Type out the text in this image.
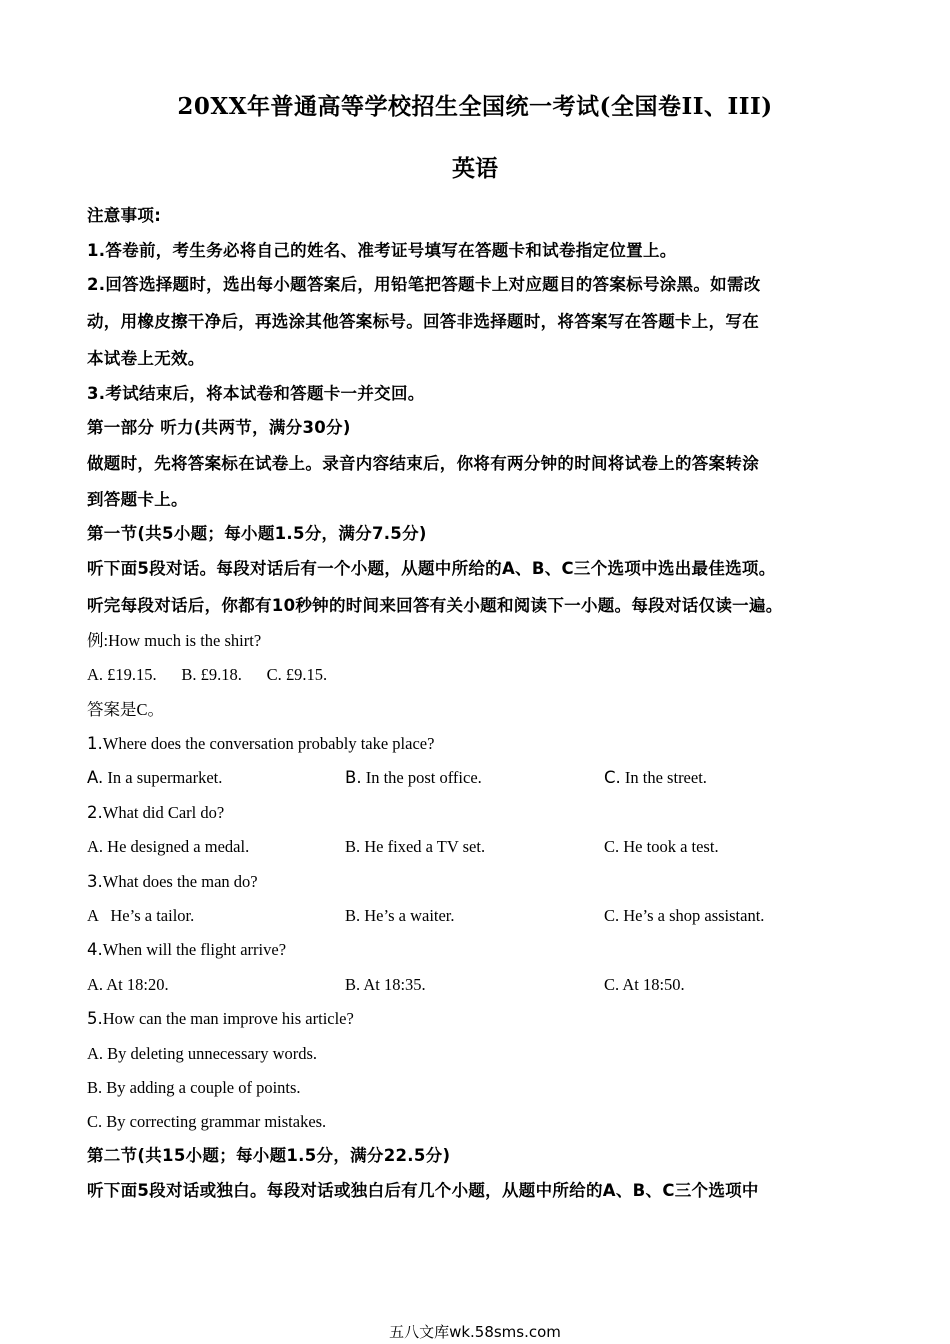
20XX年普通高等学校招生全国统一考试(全国卷II、III)
英语
注意事项:
1.答卷前，考生务必将自己的姓名、准考证号填写在答题卡和试卷指定位置上。
2.回答选择题时，选出每小题答案后，用铅笔把答题卡上对应题目的答案标号涂黑。如需改
动，用橡皮擦干净后，再选涂其他答案标号。回答非选择题时，将答案写在答题卡上，写在
本试卷上无效。
3.考试结束后，将本试卷和答题卡一并交回。
第一部分 听力(共两节，满分30分)
做题时，先将答案标在试卷上。录音内容结束后，你将有两分钟的时间将试卷上的答案转涂
到答题卡上。
第一节(共5小题；每小题1.5分，满分7.5分)
听下面5段对话。每段对话后有一个小题，从题中所给的A、B、C三个选项中选出最佳选项。
听完每段对话后，你都有10秒钟的时间来回答有关小题和阅读下一小题。每段对话仅读一遍。
例:How much is the shirt?
A. £19.15.      B. £9.18.      C. £9.15.
答案是C。
1.Where does the conversation probably take place?
A. In a supermarket.	B. In the post office.	C. In the street.
2.What did Carl do?
A. He designed a medal.	B. He fixed a TV set.	C. He took a test.
3.What does the man do?
A   He’s a tailor.	B. He’s a waiter.	C. He’s a shop assistant.
4.When will the flight arrive?
A. At 18:20.	B. At 18:35.	C. At 18:50.
5.How can the man improve his article?
A. By deleting unnecessary words.
B. By adding a couple of points.
C. By correcting grammar mistakes.
第二节(共15小题；每小题1.5分，满分22.5分)
听下面5段对话或独白。每段对话或独白后有几个小题，从题中所给的A、B、C三个选项中
五八文库wk.58sms.com
